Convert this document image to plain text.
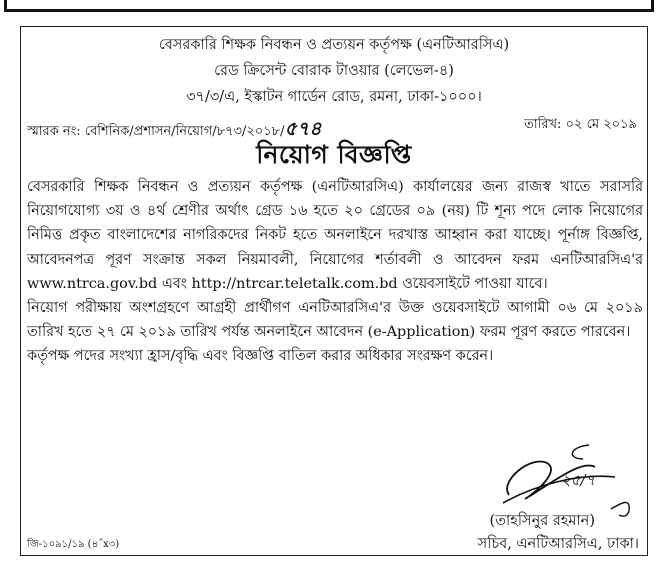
বেসরকারি শিক্ষক নিবন্ধন ও প্রত্যয়ন কর্তৃপক্ষ (এনটিআরসিএ)
রেড ক্রিসেন্ট বোরাক টাওয়ার (লেভেল-৪)
৩৭/৩/এ, ইস্কাটন গার্ডেন রোড, রমনা, ঢাকা-১০০০।
স্মারক নং: বেশিনিক/প্রশাসন/নিয়োগ/৮৭৩/২০১৮/৫৭৪	তারিখ: ০২ মে ২০১৯
নিয়োগ বিজ্ঞপ্তি

বেসরকারি শিক্ষক নিবন্ধন ও প্রত্যয়ন কর্তৃপক্ষ (এনটিআরসিএ) কার্যালয়ের জন্য রাজস্ব খাতে সরাসরি নিয়োগযোগ্য ৩য় ও ৪র্থ শ্রেণীর অর্থাৎ গ্রেড ১৬ হতে ২০ গ্রেডের ০৯ (নয়) টি শূন্য পদে লোক নিয়োগের নিমিত্ত প্রকৃত বাংলাদেশের নাগরিকদের নিকট হতে অনলাইনে দরখাস্ত আহ্বান করা যাচ্ছে। পূর্নাঙ্গ বিজ্ঞপ্তি, আবেদনপত্র পূরণ সংক্রান্ত সকল নিয়মাবলী, নিয়োগের শর্তাবলী ও আবেদন ফরম এনটিআরসিএ'র www.ntrca.gov.bd এবং http://ntrcar.teletalk.com.bd ওয়েবসাইটে পাওয়া যাবে।

নিয়োগ পরীক্ষায় অংশগ্রহণে আগ্রহী প্রার্থীগণ এনটিআরসিএ'র উক্ত ওয়েবসাইটে আগামী ০৬ মে ২০১৯ তারিখ হতে ২৭ মে ২০১৯ তারিখ পর্যন্ত অনলাইনে আবেদন (e-Application) ফরম পূরণ করতে পারবেন।

কর্তৃপক্ষ পদের সংখ্যা হ্রাস/বৃদ্ধি এবং বিজ্ঞপ্তি বাতিল করার অধিকার সংরক্ষণ করেন।

২৫/৭
(তাহসিনুর রহমান)
সচিব, এনটিআরসিএ, ঢাকা।
জি-১০৯১/১৯ (৪˝x৩)
